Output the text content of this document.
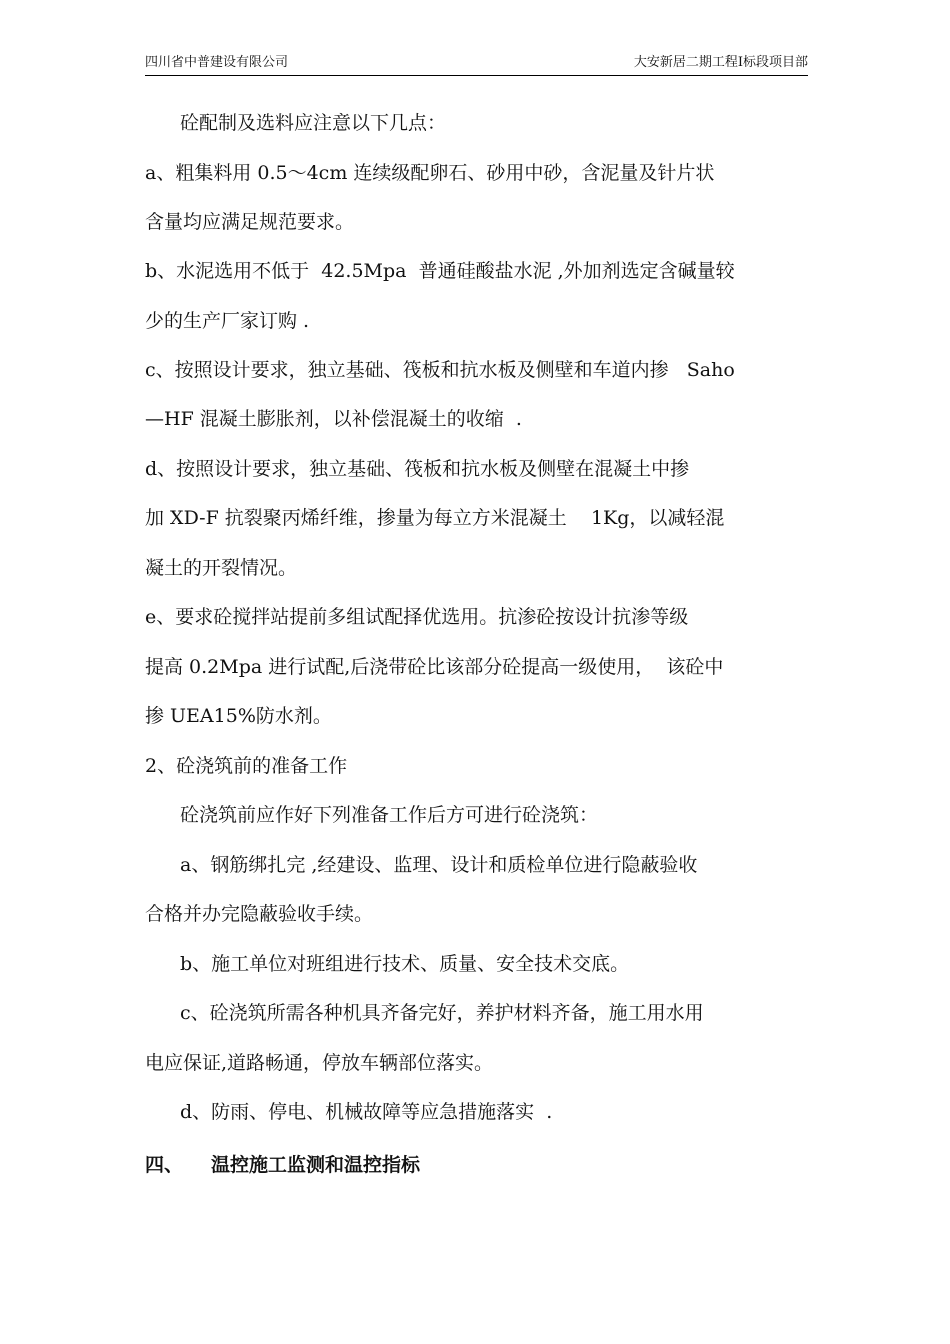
四川省中普建设有限公司	大安新居二期工程Ⅰ标段项目部
砼配制及选料应注意以下几点：
a、粗集料用 0.5～4cm 连续级配卵石、砂用中砂，含泥量及针片状
含量均应满足规范要求。
b、水泥选用不低于  42.5Mpa  普通硅酸盐水泥 ,外加剂选定含碱量较
少的生产厂家订购 .
c、按照设计要求，独立基础、筏板和抗水板及侧壁和车道内掺   Saho
—HF 混凝土膨胀剂，以补偿混凝土的收缩  .
d、按照设计要求，独立基础、筏板和抗水板及侧壁在混凝土中掺
加 XD-F 抗裂聚丙烯纤维，掺量为每立方米混凝土    1Kg，以减轻混
凝土的开裂情况。
e、要求砼搅拌站提前多组试配择优选用。抗渗砼按设计抗渗等级
提高 0.2Mpa 进行试配,后浇带砼比该部分砼提高一级使用，  该砼中
掺 UEA15%防水剂。
2、砼浇筑前的准备工作
砼浇筑前应作好下列准备工作后方可进行砼浇筑：
a、钢筋绑扎完 ,经建设、监理、设计和质检单位进行隐蔽验收
合格并办完隐蔽验收手续。
b、施工单位对班组进行技术、质量、安全技术交底。
c、砼浇筑所需各种机具齐备完好，养护材料齐备，施工用水用
电应保证,道路畅通，停放车辆部位落实。
d、防雨、停电、机械故障等应急措施落实  .
四、 温控施工监测和温控指标
